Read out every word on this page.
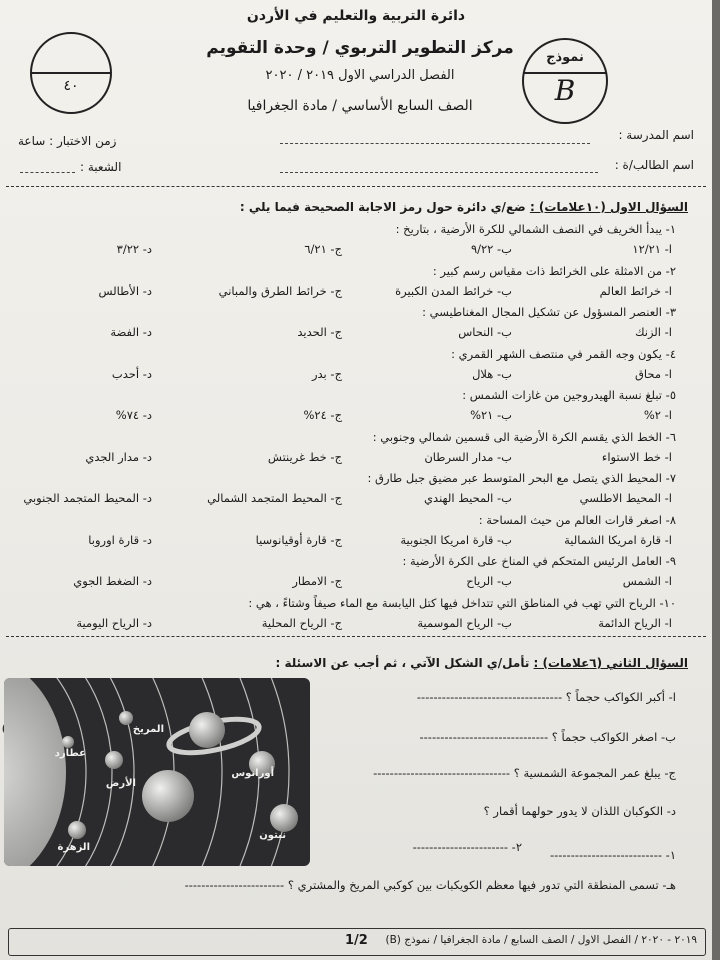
دائرة التربية والتعليم في الأردن
مركز التطوير التربوي / وحدة التقويم
الفصل الدراسي الاول ٢٠١٩ / ٢٠٢٠
الصف السابع الأساسي / مادة الجغرافيا
٤٠
نموذج
B
اسم المدرسة :
زمن الاختبار : ساعة
اسم الطالب/ة :
الشعبة :
السؤال الاول (١٠علامات) : ضع/ي دائرة حول رمز الاجابة الصحيحة فيما يلي :
١- يبدأ الخريف في النصف الشمالي للكرة الأرضية ، بتاريخ :
ا- ١٢/٢١
ب- ٩/٢٢
ج- ٦/٢١
د- ٣/٢٢
٢- من الامثلة على الخرائط ذات مقياس رسم كبير :
ا- خرائط العالم
ب- خرائط المدن الكبيرة
ج- خرائط الطرق والمباني
د- الأطالس
٣- العنصر المسؤول عن تشكيل المجال المغناطيسي :
ا- الزنك
ب- النحاس
ج- الحديد
د- الفضة
٤- يكون وجه القمر في منتصف الشهر القمري :
ا- محاق
ب- هلال
ج- بدر
د- أحدب
٥- تبلغ نسبة الهيدروجين من غازات الشمس :
ا- ٢%
ب- ٢١%
ج- ٢٤%
د- ٧٤%
٦- الخط الذي يقسم الكرة الأرضية الى قسمين شمالي وجنوبي :
ا- خط الاستواء
ب- مدار السرطان
ج- خط غرينتش
د- مدار الجدي
٧- المحيط الذي يتصل مع البحر المتوسط عبر مضيق جبل طارق :
ا- المحيط الاطلسي
ب- المحيط الهندي
ج- المحيط المتجمد الشمالي
د- المحيط المتجمد الجنوبي
٨- اصغر قارات العالم من حيث المساحة :
ا- قارة امريكا الشمالية
ب- قارة امريكا الجنوبية
ج- قارة أوقيانوسيا
د- قارة اوروبا
٩- العامل الرئيس المتحكم في المناخ على الكرة الأرضية :
ا- الشمس
ب- الرياح
ج- الامطار
د- الضغط الجوي
١٠- الرياح التي تهب في المناطق التي تتداخل فيها كتل اليابسة مع الماء صيفاً وشتاءً ، هي :
ا- الرياح الدائمة
ب- الرياح الموسمية
ج- الرياح المحلية
د- الرياح اليومية
السؤال الثاني (٦علامات) : تأمل/ي الشكل الآتي ، ثم أجب عن الاسئلة :
ا- أكبر الكواكب حجماً ؟ -----------------------------------
ب- اصغر الكواكب حجماً ؟ -------------------------------
ج- يبلغ عمر المجموعة الشمسية ؟ ---------------------------------
د- الكوكبان اللذان لا يدور حولهما أقمار ؟
١- ---------------------------
٢- -----------------------
هـ- تسمى المنطقة التي تدور فيها معظم الكويكبات بين كوكبي المريخ والمشتري ؟ ------------------------
المريخ
عطارد
الأرض
الزهرة
أورانوس
نبتون
٢٠١٩ - ٢٠٢٠ / الفصل الاول / الصف السابع / مادة الجغرافيا / نموذج (B)
1/2
